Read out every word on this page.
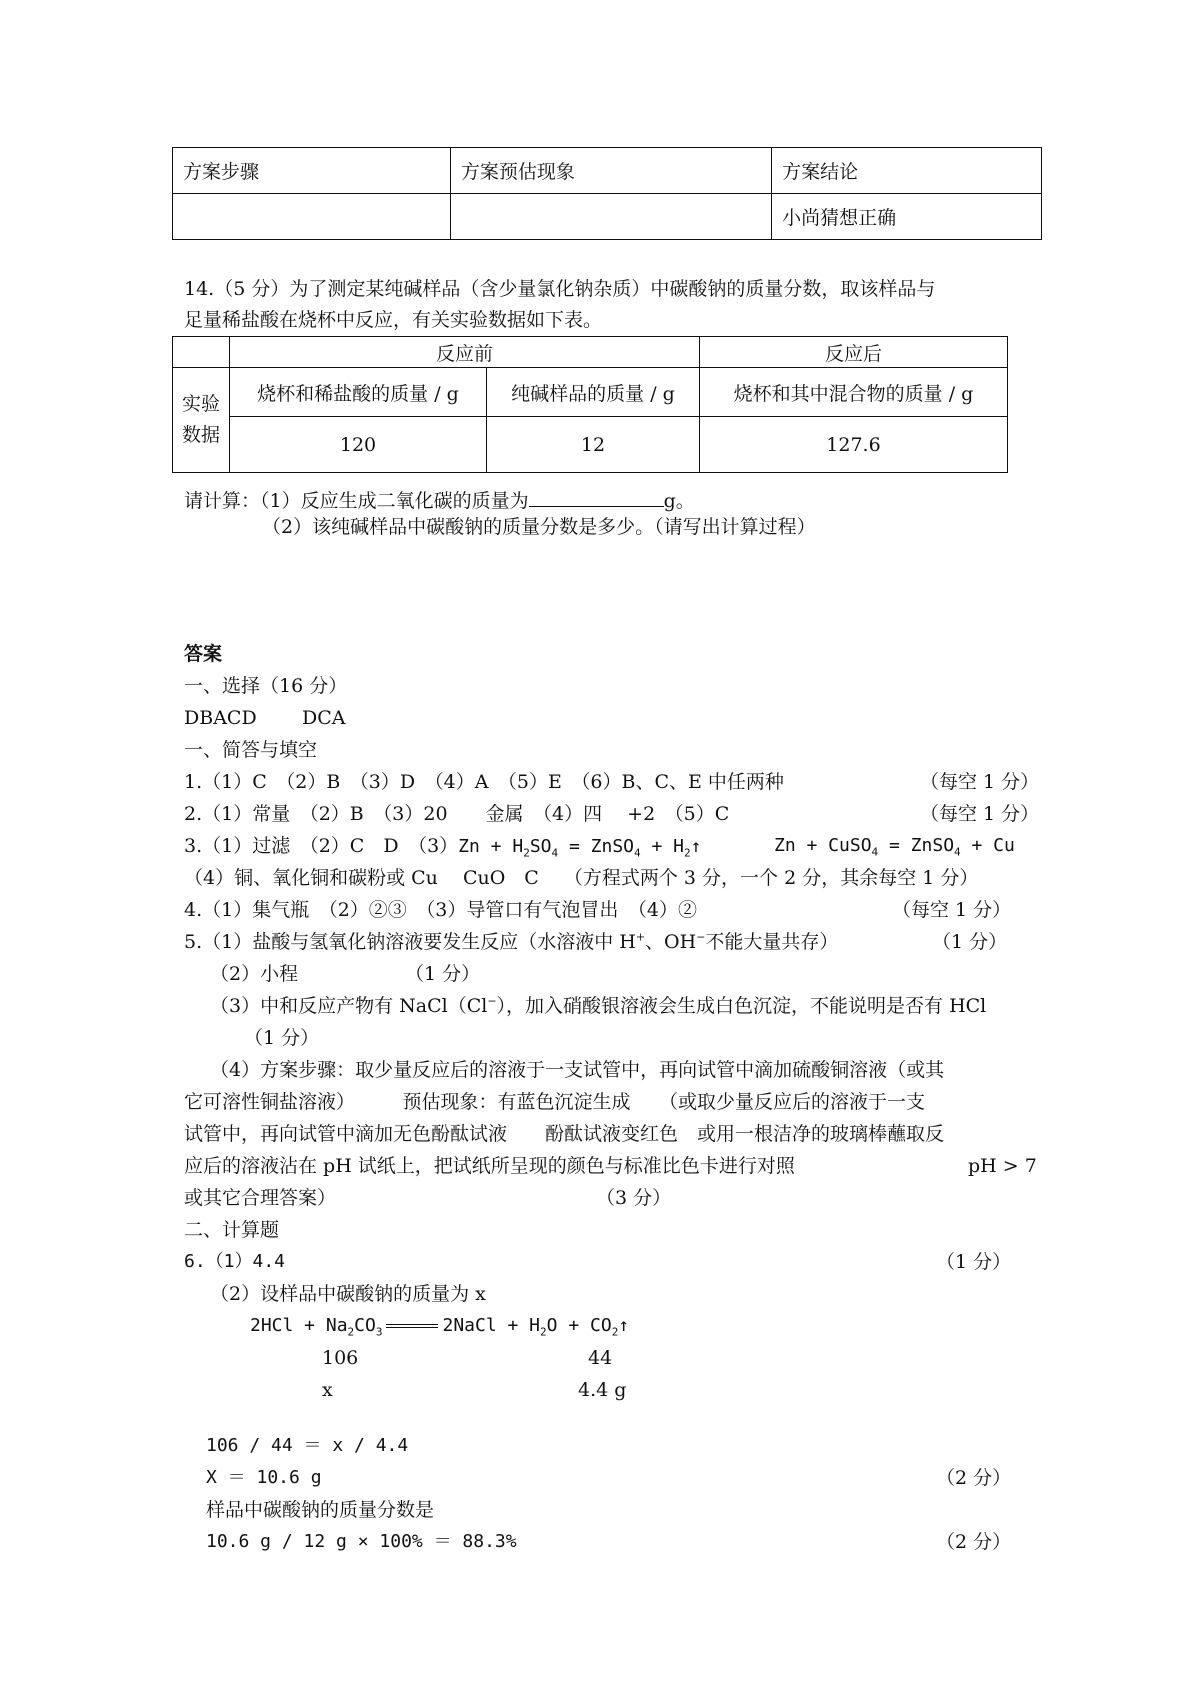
方案步骤	方案预估现象	方案结论
		小尚猜想正确
14.（5 分）为了测定某纯碱样品（含少量氯化钠杂质）中碳酸钠的质量分数，取该样品与
足量稀盐酸在烧杯中反应，有关实验数据如下表。
	反应前		反应后
实验
数据	烧杯和稀盐酸的质量 / g	纯碱样品的质量 / g	烧杯和其中混合物的质量 / g
	120	12	127.6
请计算：（1）反应生成二氧化碳的质量为	g。
（2）该纯碱样品中碳酸钠的质量分数是多少。（请写出计算过程）
答案
一、选择（16 分）
DBACD DCA
一、简答与填空
1.（1）C　（2）B　（3）D　（4）A　（5）E　（6）B、C、E 中任两种	（每空 1 分）
2.（1）常量　（2）B　（3）20　　金属　（4）四　 +2　（5）C	（每空 1 分）
3.（1）过滤　（2）C　D　$(3)Zn + H_2SO_4$ = ZnSO$_4$ + $H_2↑$	Zn + CuSO$_4$ = ZnSO$_4$ + Cu
（4）铜、氧化铜和碳粉或 Cu　 CuO　C　 （方程式两个 3 分，一个 2 分，其余每空 1 分）
4.（1）集气瓶　（2）②③　（3）导管口有气泡冒出　（4）②	（每空 1 分）
5.（1）盐酸与氢氧化钠溶液要发生反应（水溶液中 H+、OH−不能大量共存）	（1 分）
（2）小程	（1 分）
（3）中和反应产物有 NaCl（Cl−），加入硝酸银溶液会生成白色沉淀，不能说明是否有 HCl
（1 分）
（4）方案步骤：取少量反应后的溶液于一支试管中，再向试管中滴加硫酸铜溶液（或其
它可溶性铜盐溶液）　　　预估现象：有蓝色沉淀生成　　（或取少量反应后的溶液于一支
试管中，再向试管中滴加无色酚酞试液　　酚酞试液变红色　或用一根洁净的玻璃棒蘸取反
应后的溶液沾在 pH 试纸上，把试纸所呈现的颜色与标准比色卡进行对照	pH > 7
或其它合理答案）	（3 分）
二、计算题
6.（1）4.4	（1 分）
（2）设样品中碳酸钠的质量为 x
$2HCl + Na_2CO_3$	2NaCl + $H_2O$ + $CO_2↑$
106	44
x	4.4 g
106 / 44 ＝ x / 4.4
X ＝ 10.6 g	（2 分）
样品中碳酸钠的质量分数是
10.6 g / 12 g × 100% ＝ 88.3%	（2 分）
